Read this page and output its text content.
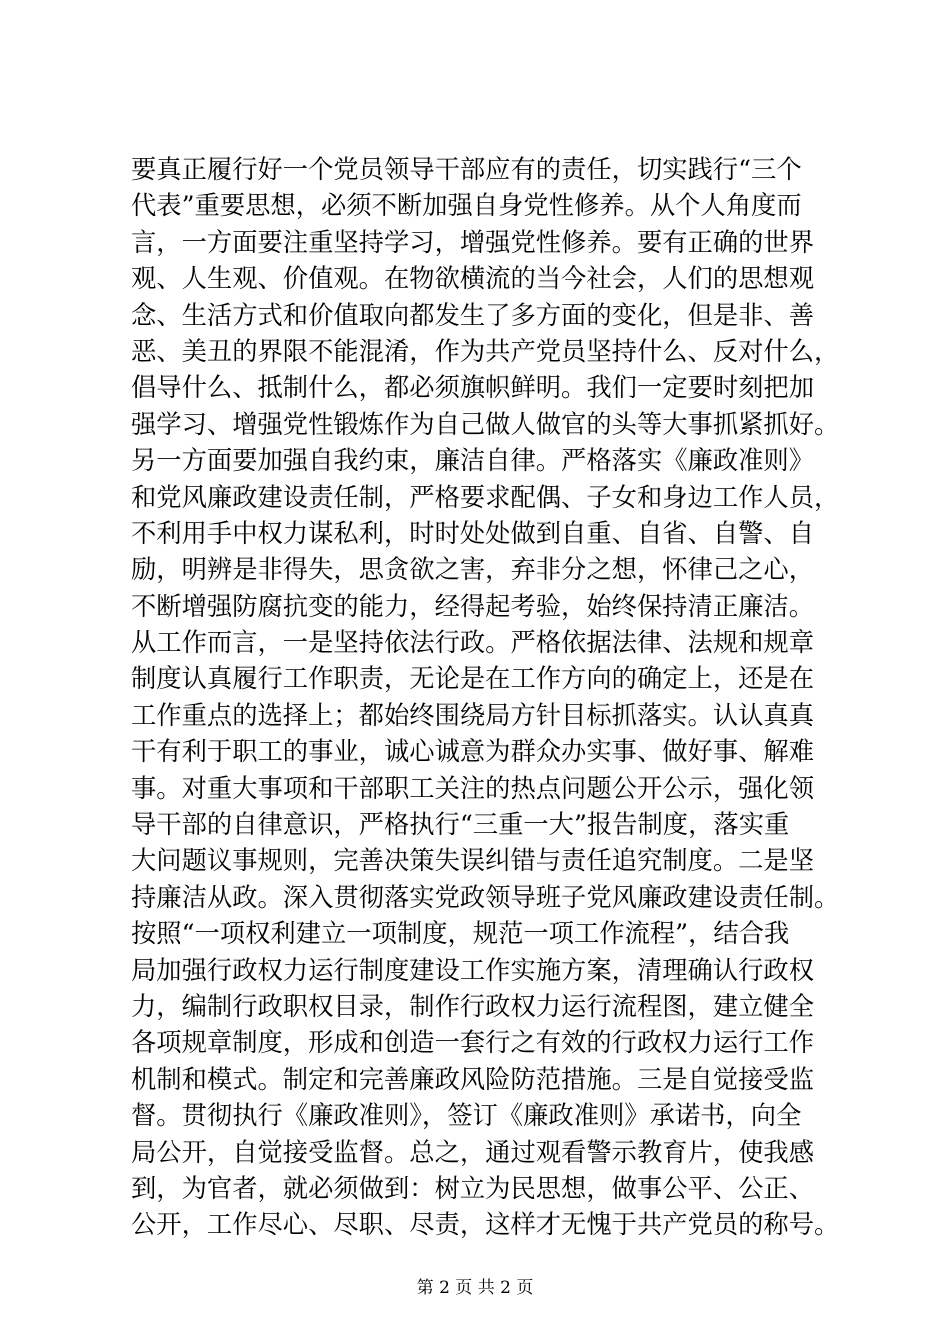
要真正履行好一个党员领导干部应有的责任，切实践行“三个
代表”重要思想，必须不断加强自身党性修养。从个人角度而
言，一方面要注重坚持学习，增强党性修养。要有正确的世界
观、人生观、价值观。在物欲横流的当今社会，人们的思想观
念、生活方式和价值取向都发生了多方面的变化，但是非、善
恶、美丑的界限不能混淆，作为共产党员坚持什么、反对什么，
倡导什么、抵制什么，都必须旗帜鲜明。我们一定要时刻把加
强学习、增强党性锻炼作为自己做人做官的头等大事抓紧抓好。
另一方面要加强自我约束，廉洁自律。严格落实《廉政准则》
和党风廉政建设责任制，严格要求配偶、子女和身边工作人员，
不利用手中权力谋私利，时时处处做到自重、自省、自警、自
励，明辨是非得失，思贪欲之害，弃非分之想，怀律己之心，
不断增强防腐抗变的能力，经得起考验，始终保持清正廉洁。
从工作而言，一是坚持依法行政。严格依据法律、法规和规章
制度认真履行工作职责，无论是在工作方向的确定上，还是在
工作重点的选择上；都始终围绕局方针目标抓落实。认认真真
干有利于职工的事业，诚心诚意为群众办实事、做好事、解难
事。对重大事项和干部职工关注的热点问题公开公示，强化领
导干部的自律意识，严格执行“三重一大”报告制度，落实重
大问题议事规则，完善决策失误纠错与责任追究制度。二是坚
持廉洁从政。深入贯彻落实党政领导班子党风廉政建设责任制。
按照“一项权利建立一项制度，规范一项工作流程”，结合我
局加强行政权力运行制度建设工作实施方案，清理确认行政权
力，编制行政职权目录，制作行政权力运行流程图，建立健全
各项规章制度，形成和创造一套行之有效的行政权力运行工作
机制和模式。制定和完善廉政风险防范措施。三是自觉接受监
督。贯彻执行《廉政准则》，签订《廉政准则》承诺书，向全
局公开，自觉接受监督。总之，通过观看警示教育片，使我感
到，为官者，就必须做到：树立为民思想，做事公平、公正、
公开，工作尽心、尽职、尽责，这样才无愧于共产党员的称号。
第 2 页 共 2 页
